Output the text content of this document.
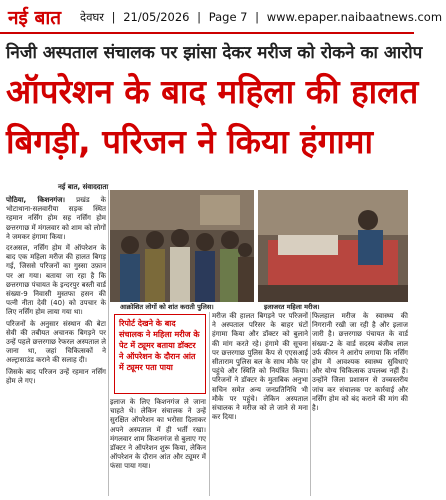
नई बात देवघर | 21/05/2026 | Page 7 | www.epaper.naibaatnews.com
निजी अस्पताल संचालक पर झांसा देकर मरीज को रोकने का आरोप
ऑपरेशन के बाद महिला की हालत
बिगड़ी, परिजन ने किया हंगामा
नई बात, संवाददाता

पोठिया, किशनगंज। प्रखंड के भोटाथाना-सलवारीया सड़क स्थित रहमान नर्सिंग होम सह नर्सिंग होम छत्तरगाछ में मंगलवार को शाम को लोगों ने जमकर हंगामा किया।

दरअसल, नर्सिंग होम में ऑपरेशन के बाद एक महिला मरीज की हालत बिगड़ गई, जिससे परिजनों का गुस्सा उफ़ान पर आ गया। बताया जा रहा है कि छत्तरगाछ पंचायत के इन्दरपुर बस्ती वार्ड संख्या-9 निवासी मुस्तफा हसन की पत्नी नीता देवी (40) को उपचार के लिए नर्सिंग होम लाया गया था।

परिजनों के अनुसार संस्थान की बेटा सेवी की तबीयत अचानक बिगड़ने पर उन्हें पहले छत्तरगाछ रेफरल अस्पताल ले जाना था, जहां चिकित्सकों ने अल्ट्रासाउंड कराने की सलाह दी।

जिसके बाद परिजन उन्हें रहमान नर्सिंग होम ले गए।

आक्रोशित लोगों को शांत कराती पुलिस।	इलाजरत महिला मरीज।
रिपोर्ट देखने के बाद संचालक ने महिला मरीज के पेट में ट्यूमर बताया डॉक्टर ने ऑपरेशन के दौरान आंत में ट्यूमर पता पाया

इलाज के लिए किशनगंज ले जाना चाहते थे। लेकिन संचालक ने उन्हें सुरक्षित ऑपरेशन का भरोसा दिलाकर अपने अस्पताल में ही भर्ती रखा। मंगलवार शाम किशनगंज से बुलाए गए डॉक्टर ने ऑपरेशन शुरू किया, लेकिन ऑपरेशन के दौरान आंत और ट्यूमर में फंसा पाया गया।

मरीज की हालत बिगड़ने पर परिजनों ने अस्पताल परिसर के बाहर घंटों हंगामा किया और डॉक्टर को बुलाने की मांग करते रहे। हंगामे की सूचना पर छत्तरगाछ पुलिस कैंप से एएसआई सीताराम पुलिस बल के साथ मौके पर पहुंचे और स्थिति को नियंत्रित किया। परिजनों ने डॉक्टर के मुताबिक अनुभा सचिन समेत अन्य जनप्रतिनिधि भी मौके पर पहुंचे। लेकिन अस्पताल संचालक ने मरीज को ले जाने से मना कर दिया।

फिलहाल मरीज के स्वास्थ्य की निगरानी रखी जा रही है और इलाज जारी है। छत्तरगाछ पंचायत के वार्ड संख्या-2 के वार्ड सदस्य बंजीब लाल उर्फ कीरन ने आरोप लगाया कि नर्सिंग होम में आवश्यक स्वास्थ्य सुविधाएं और योग्य चिकित्सक उपलब्ध नहीं हैं। उन्होंने जिला प्रशासन से उच्चस्तरीय जांच कर संचालक पर कार्रवाई और नर्सिंग होम को बंद कराने की मांग की है।
